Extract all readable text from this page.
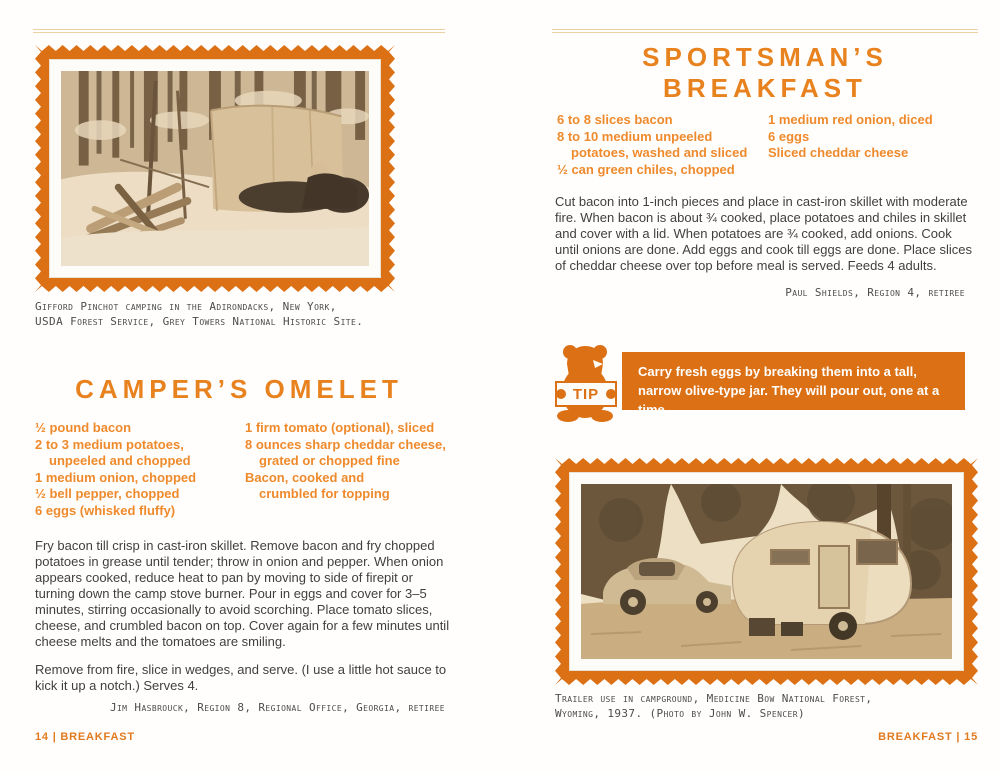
Gifford Pinchot camping in the Adirondacks, New York,
USDA Forest Service, Grey Towers National Historic Site.
CAMPER’S OMELET
½ pound bacon
2 to 3 medium potatoes,
unpeeled and chopped
1 medium onion, chopped
½ bell pepper, chopped
6 eggs (whisked fluffy)
1 firm tomato (optional), sliced
8 ounces sharp cheddar cheese,
grated or chopped fine
Bacon, cooked and
crumbled for topping
Fry bacon till crisp in cast-iron skillet. Remove bacon and fry chopped potatoes in grease until tender; throw in onion and pepper. When onion appears cooked, reduce heat to pan by moving to side of firepit or turning down the camp stove burner. Pour in eggs and cover for 3–5 minutes, stirring occasionally to avoid scorching. Place tomato slices, cheese, and crumbled bacon on top. Cover again for a few minutes until cheese melts and the tomatoes are smiling.
Remove from fire, slice in wedges, and serve. (I use a little hot sauce to kick it up a notch.) Serves 4.
Jim Hasbrouck, Region 8, Regional Office, Georgia, retiree
14 | BREAKFAST
SPORTSMAN’S
BREAKFAST
6 to 8 slices bacon
8 to 10 medium unpeeled
potatoes, washed and sliced
½ can green chiles, chopped
1 medium red onion, diced
6 eggs
Sliced cheddar cheese
Cut bacon into 1-inch pieces and place in cast-iron skillet with moderate fire. When bacon is about ¾ cooked, place potatoes and chiles in skillet and cover with a lid. When potatoes are ¾ cooked, add onions. Cook until onions are done. Add eggs and cook till eggs are done. Place slices of cheddar cheese over top before meal is served. Feeds 4 adults.
Paul Shields, Region 4, retiree
TIP
Carry fresh eggs by breaking them into a tall, narrow olive-type jar. They will pour out, one at a time.
Trailer use in campground, Medicine Bow National Forest,
Wyoming, 1937. (Photo by John W. Spencer)
BREAKFAST | 15
